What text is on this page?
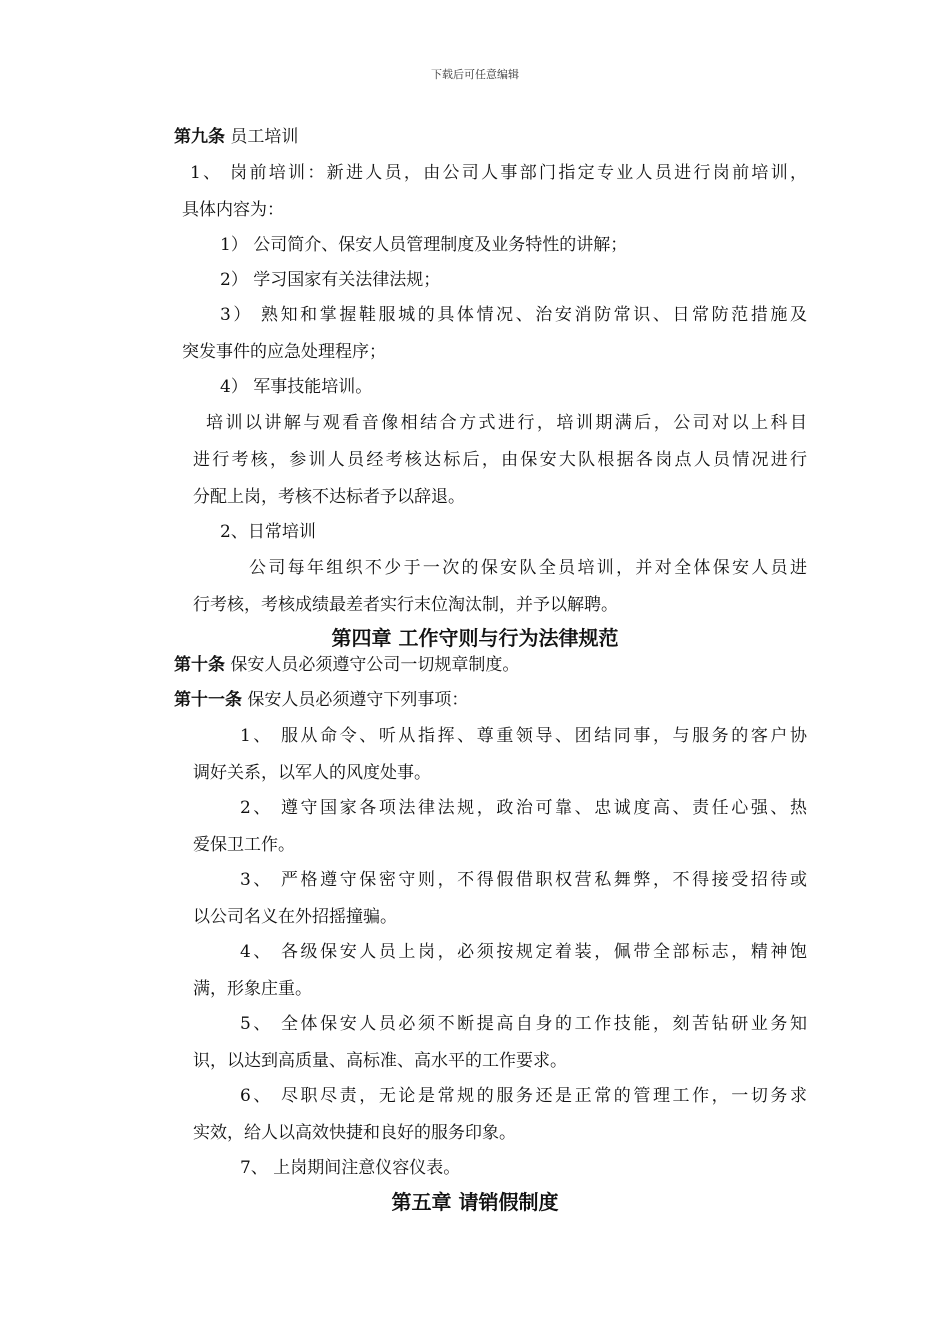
下载后可任意编辑
第九条 员工培训
1、 岗前培训：新进人员，由公司人事部门指定专业人员进行岗前培训，
具体内容为：
1） 公司简介、保安人员管理制度及业务特性的讲解；
2） 学习国家有关法律法规；
3） 熟知和掌握鞋服城的具体情况、治安消防常识、日常防范措施及
突发事件的应急处理程序；
4） 军事技能培训。
培训以讲解与观看音像相结合方式进行，培训期满后，公司对以上科目
进行考核，参训人员经考核达标后，由保安大队根据各岗点人员情况进行
分配上岗，考核不达标者予以辞退。
2、日常培训
公司每年组织不少于一次的保安队全员培训，并对全体保安人员进
行考核，考核成绩最差者实行末位淘汰制，并予以解聘。
第四章 工作守则与行为法律规范
第十条 保安人员必须遵守公司一切规章制度。
第十一条 保安人员必须遵守下列事项：
1、 服从命令、听从指挥、尊重领导、团结同事，与服务的客户协
调好关系，以军人的风度处事。
2、 遵守国家各项法律法规，政治可靠、忠诚度高、责任心强、热
爱保卫工作。
3、 严格遵守保密守则，不得假借职权营私舞弊，不得接受招待或
以公司名义在外招摇撞骗。
4、 各级保安人员上岗，必须按规定着装，佩带全部标志，精神饱
满，形象庄重。
5、 全体保安人员必须不断提高自身的工作技能，刻苦钻研业务知
识，以达到高质量、高标准、高水平的工作要求。
6、 尽职尽责，无论是常规的服务还是正常的管理工作，一切务求
实效，给人以高效快捷和良好的服务印象。
7、 上岗期间注意仪容仪表。
第五章 请销假制度
